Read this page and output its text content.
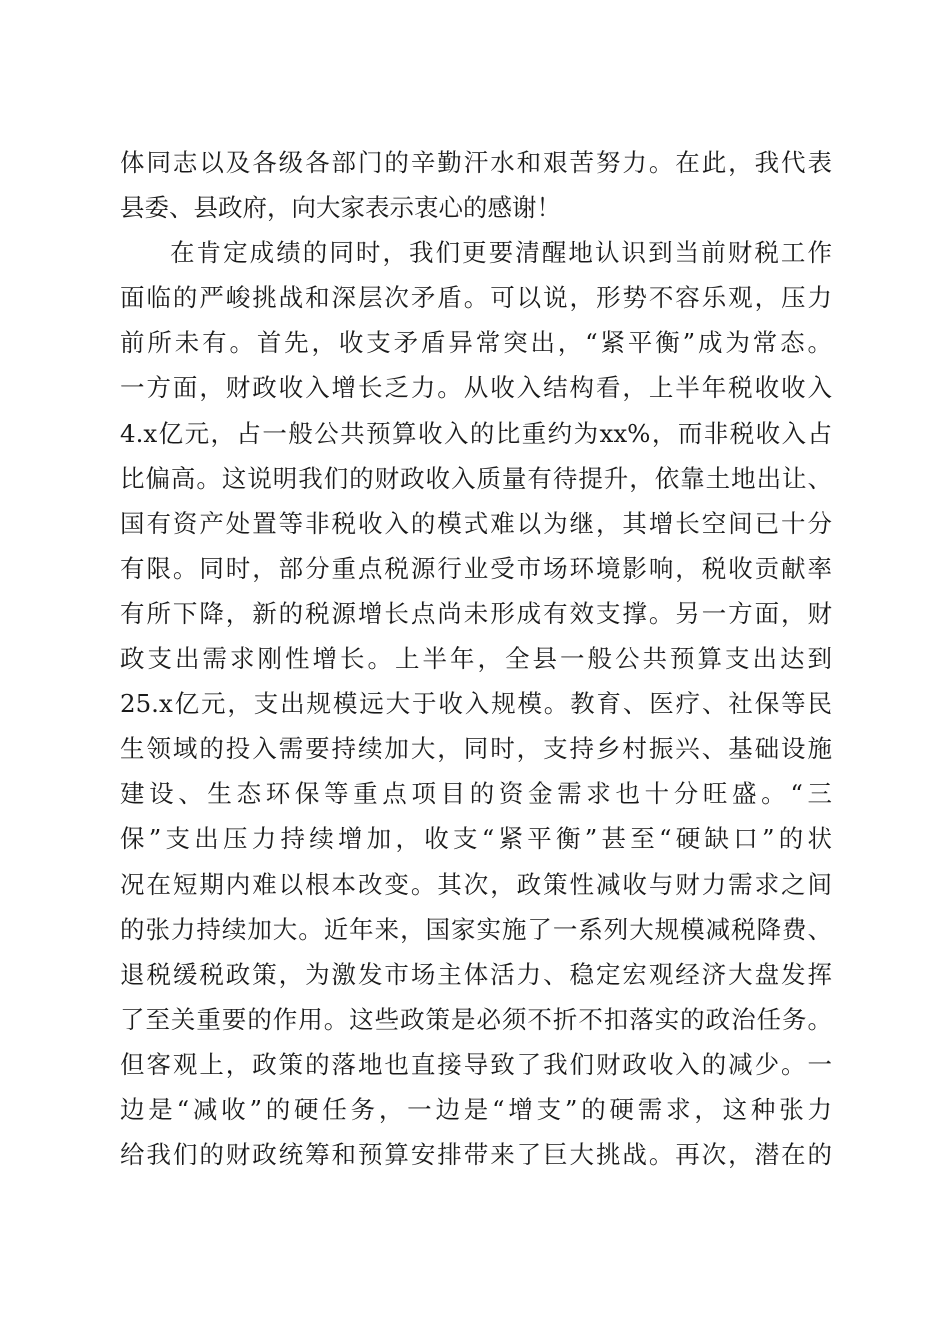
体同志以及各级各部门的辛勤汗水和艰苦努力。在此，我代表
县委、县政府，向大家表示衷心的感谢！
在肯定成绩的同时，我们更要清醒地认识到当前财税工作
面临的严峻挑战和深层次矛盾。可以说，形势不容乐观，压力
前所未有。首先，收支矛盾异常突出，“紧平衡”成为常态。
一方面，财政收入增长乏力。从收入结构看，上半年税收收入
4.x亿元，占一般公共预算收入的比重约为xx%，而非税收入占
比偏高。这说明我们的财政收入质量有待提升，依靠土地出让、
国有资产处置等非税收入的模式难以为继，其增长空间已十分
有限。同时，部分重点税源行业受市场环境影响，税收贡献率
有所下降，新的税源增长点尚未形成有效支撑。另一方面，财
政支出需求刚性增长。上半年，全县一般公共预算支出达到
25.x亿元，支出规模远大于收入规模。教育、医疗、社保等民
生领域的投入需要持续加大，同时，支持乡村振兴、基础设施
建设、生态环保等重点项目的资金需求也十分旺盛。“三
保”支出压力持续增加，收支“紧平衡”甚至“硬缺口”的状
况在短期内难以根本改变。其次，政策性减收与财力需求之间
的张力持续加大。近年来，国家实施了一系列大规模减税降费、
退税缓税政策，为激发市场主体活力、稳定宏观经济大盘发挥
了至关重要的作用。这些政策是必须不折不扣落实的政治任务。
但客观上，政策的落地也直接导致了我们财政收入的减少。一
边是“减收”的硬任务，一边是“增支”的硬需求，这种张力
给我们的财政统筹和预算安排带来了巨大挑战。再次，潜在的
